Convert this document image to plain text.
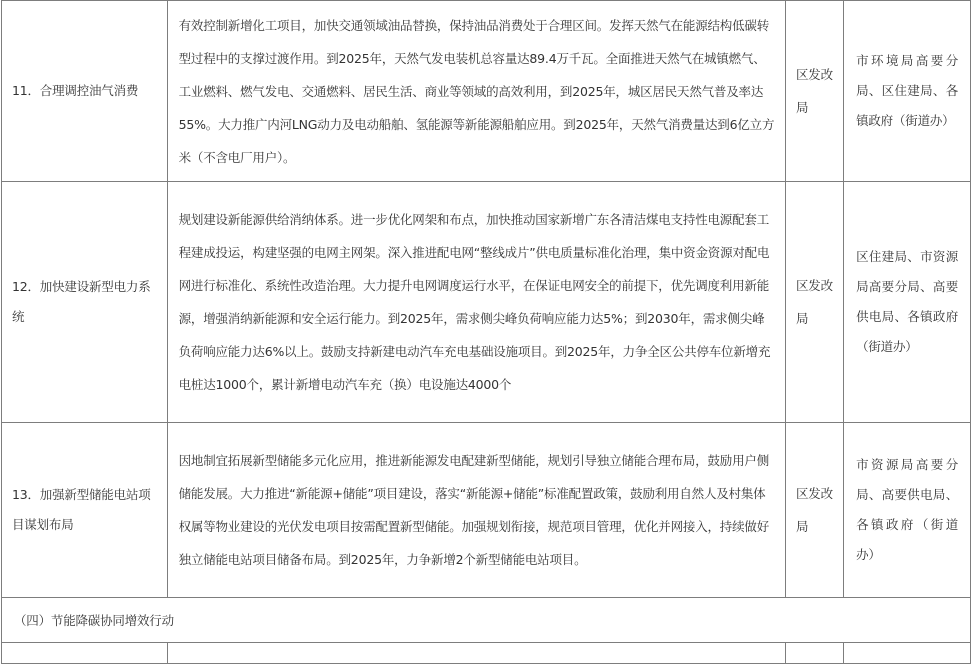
11．合理调控油气消费	有效控制新增化工项目，加快交通领域油品替换，保持油品消费处于合理区间。发挥天然气在能源结构低碳转型过程中的支撑过渡作用。到2025年，天然气发电装机总容量达89.4万千瓦。全面推进天然气在城镇燃气、工业燃料、燃气发电、交通燃料、居民生活、商业等领域的高效利用，到2025年，城区居民天然气普及率达55%。大力推广内河LNG动力及电动船舶、氢能源等新能源船舶应用。到2025年，天然气消费量达到6亿立方米（不含电厂用户）。	区发改局	市环境局高要分局、区住建局、各镇政府（街道办）
12．加快建设新型电力系统	规划建设新能源供给消纳体系。进一步优化网架和布点，加快推动国家新增广东各清洁煤电支持性电源配套工程建成投运，构建坚强的电网主网架。深入推进配电网“整线成片”供电质量标准化治理，集中资金资源对配电网进行标准化、系统性改造治理。大力提升电网调度运行水平，在保证电网安全的前提下，优先调度利用新能源，增强消纳新能源和安全运行能力。到2025年，需求侧尖峰负荷响应能力达5%；到2030年，需求侧尖峰负荷响应能力达6%以上。鼓励支持新建电动汽车充电基础设施项目。到2025年，力争全区公共停车位新增充电桩达1000个，累计新增电动汽车充（换）电设施达4000个	区发改局	区住建局、市资源局高要分局、高要供电局、各镇政府（街道办）
13．加强新型储能电站项目谋划布局	因地制宜拓展新型储能多元化应用，推进新能源发电配建新型储能，规划引导独立储能合理布局，鼓励用户侧储能发展。大力推进“新能源+储能”项目建设，落实“新能源+储能”标准配置政策，鼓励利用自然人及村集体权属等物业建设的光伏发电项目按需配置新型储能。加强规划衔接，规范项目管理，优化并网接入，持续做好独立储能电站项目储备布局。到2025年，力争新增2个新型储能电站项目。	区发改局	市资源局高要分局、高要供电局、各镇政府（街道办）
（四）节能降碳协同增效行动			
